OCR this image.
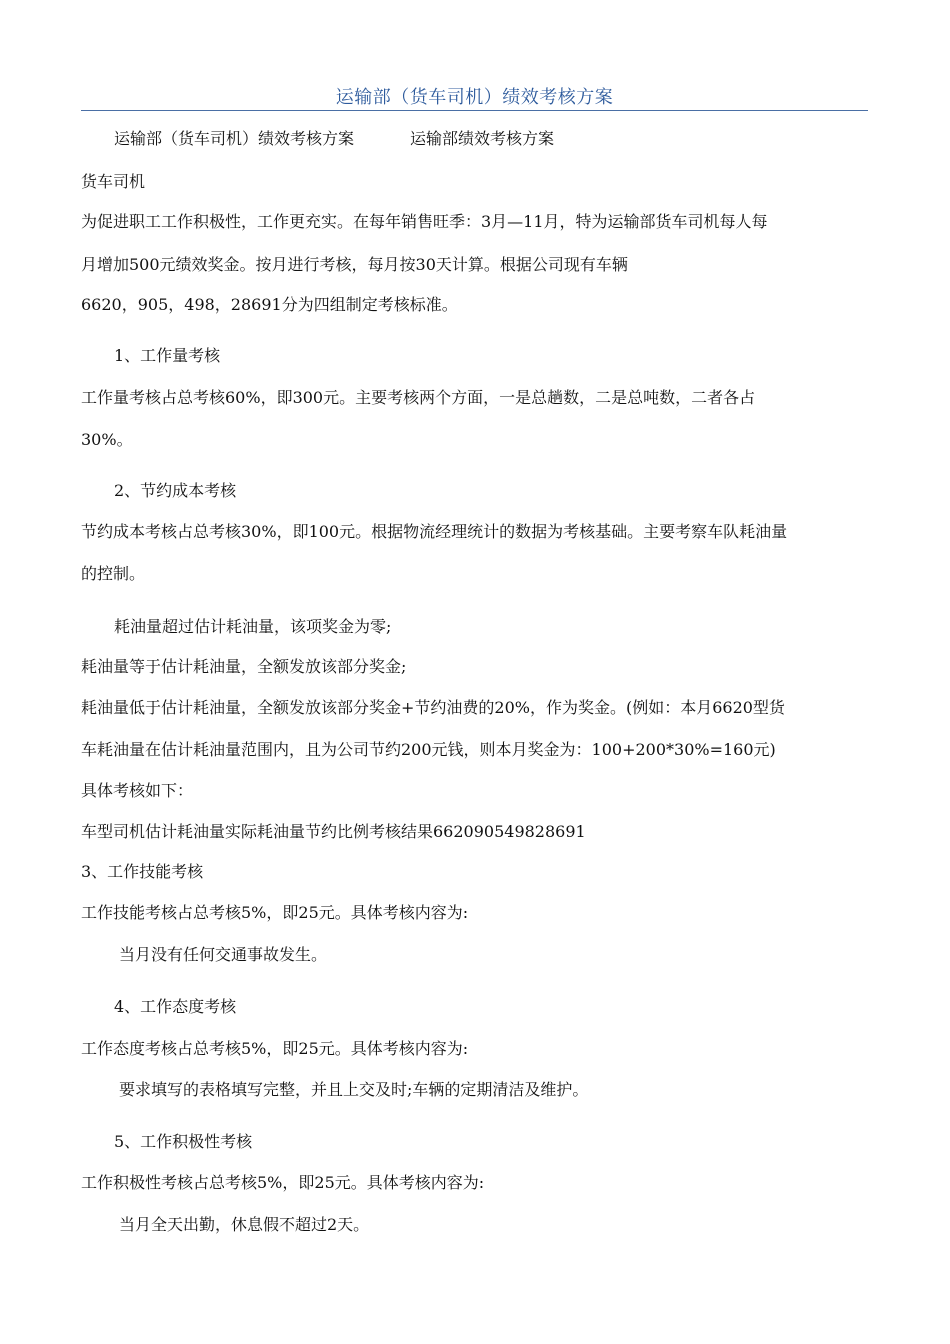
运输部（货车司机）绩效考核方案
运输部（货车司机）绩效考核方案	运输部绩效考核方案
货车司机
为促进职工工作积极性，工作更充实。在每年销售旺季：3月—11月，特为运输部货车司机每人每
月增加500元绩效奖金。按月进行考核，每月按30天计算。根据公司现有车辆
6620，905，498，28691分为四组制定考核标准。
1、工作量考核
工作量考核占总考核60%，即300元。主要考核两个方面，一是总趟数，二是总吨数，二者各占
30%。
2、节约成本考核
节约成本考核占总考核30%，即100元。根据物流经理统计的数据为考核基础。主要考察车队耗油量
的控制。
耗油量超过估计耗油量，该项奖金为零;
耗油量等于估计耗油量，全额发放该部分奖金;
耗油量低于估计耗油量，全额发放该部分奖金+节约油费的20%，作为奖金。(例如：本月6620型货
车耗油量在估计耗油量范围内，且为公司节约200元钱，则本月奖金为：100+200*30%=160元)
具体考核如下：
车型司机估计耗油量实际耗油量节约比例考核结果662090549828691
3、工作技能考核
工作技能考核占总考核5%，即25元。具体考核内容为:
当月没有任何交通事故发生。
4、工作态度考核
工作态度考核占总考核5%，即25元。具体考核内容为:
要求填写的表格填写完整，并且上交及时;车辆的定期清洁及维护。
5、工作积极性考核
工作积极性考核占总考核5%，即25元。具体考核内容为:
当月全天出勤，休息假不超过2天。
